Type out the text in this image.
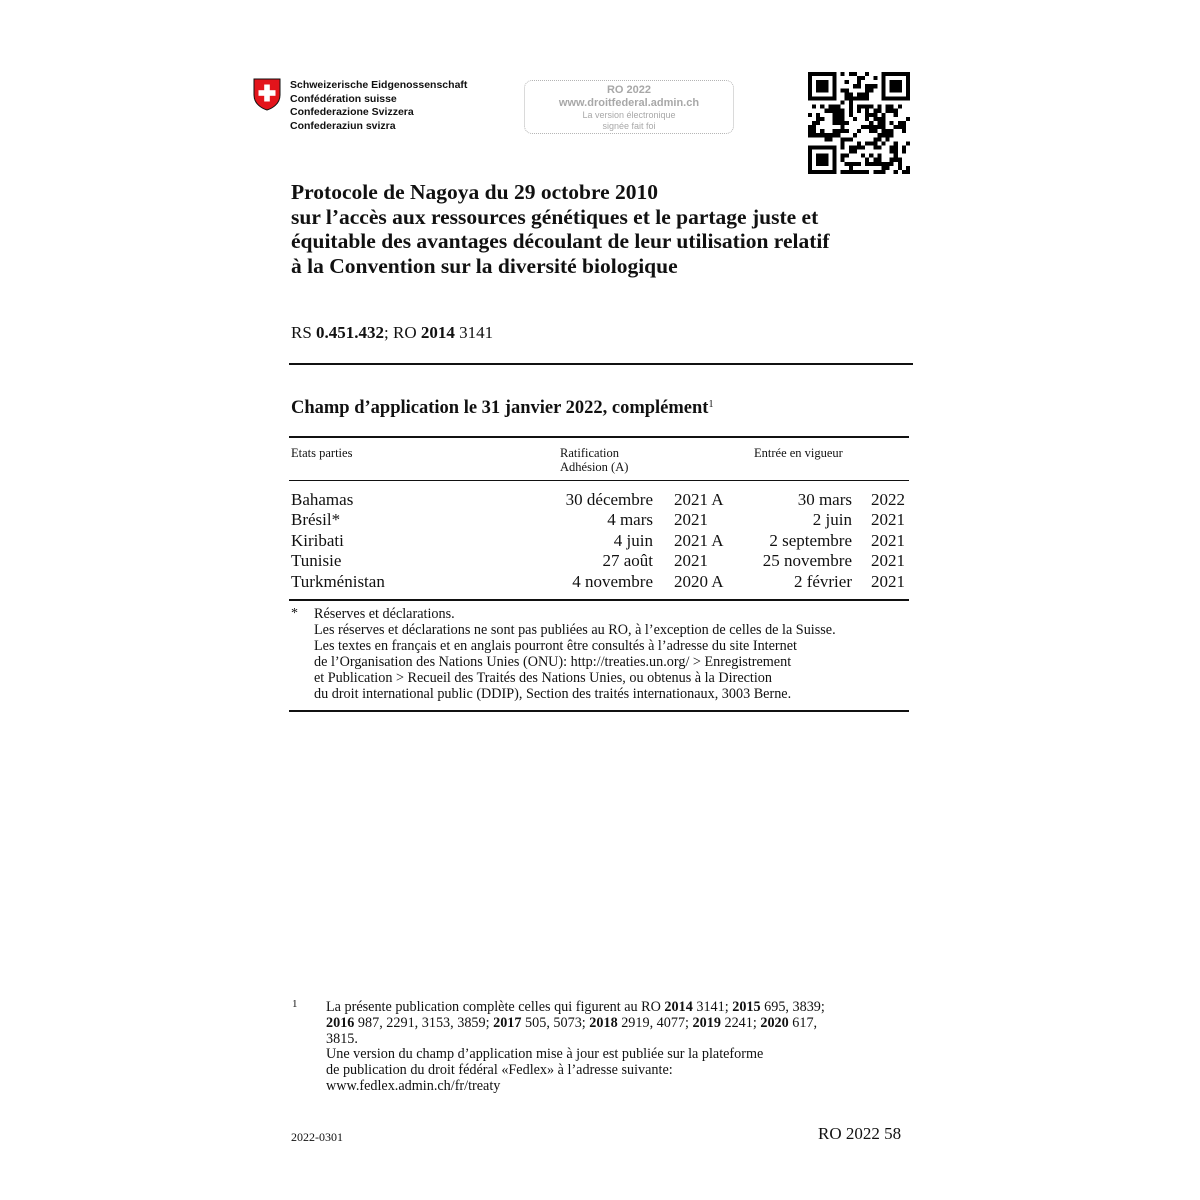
Schweizerische Eidgenossenschaft
Confédération suisse
Confederazione Svizzera
Confederaziun svizra
RO 2022
www.droitfederal.admin.ch
La version électronique
signée fait foi
Protocole de Nagoya du 29 octobre 2010
sur l’accès aux ressources génétiques et le partage juste et
équitable des avantages découlant de leur utilisation relatif
à la Convention sur la diversité biologique
RS 0.451.432; RO 2014 3141
Champ d’application le 31 janvier 2022, complément$^1$
Etats parties	Ratification
Adhésion (A)
Entrée en vigueur
Bahamas	30 décembre 2021 A	30 mars 2022
Brésil*	4 mars 2021	2 juin 2021
Kiribati	4 juin 2021 A	2 septembre 2021
Tunisie	27 août 2021	25 novembre 2021
Turkménistan	4 novembre 2020 A	2 février 2021
* Réserves et déclarations.
Les réserves et déclarations ne sont pas publiées au RO, à l’exception de celles de la Suisse.
Les textes en français et en anglais pourront être consultés à l’adresse du site Internet
de l’Organisation des Nations Unies (ONU): http://treaties.un.org/ > Enregistrement
et Publication > Recueil des Traités des Nations Unies, ou obtenus à la Direction
du droit international public (DDIP), Section des traités internationaux, 3003 Berne.
1 La présente publication complète celles qui figurent au RO 2014 3141; 2015 695, 3839;
2016 987, 2291, 3153, 3859; 2017 505, 5073; 2018 2919, 4077; 2019 2241; 2020 617,
3815.
Une version du champ d’application mise à jour est publiée sur la plateforme
de publication du droit fédéral «Fedlex» à l’adresse suivante:
www.fedlex.admin.ch/fr/treaty
2022-0301	RO 2022 58
